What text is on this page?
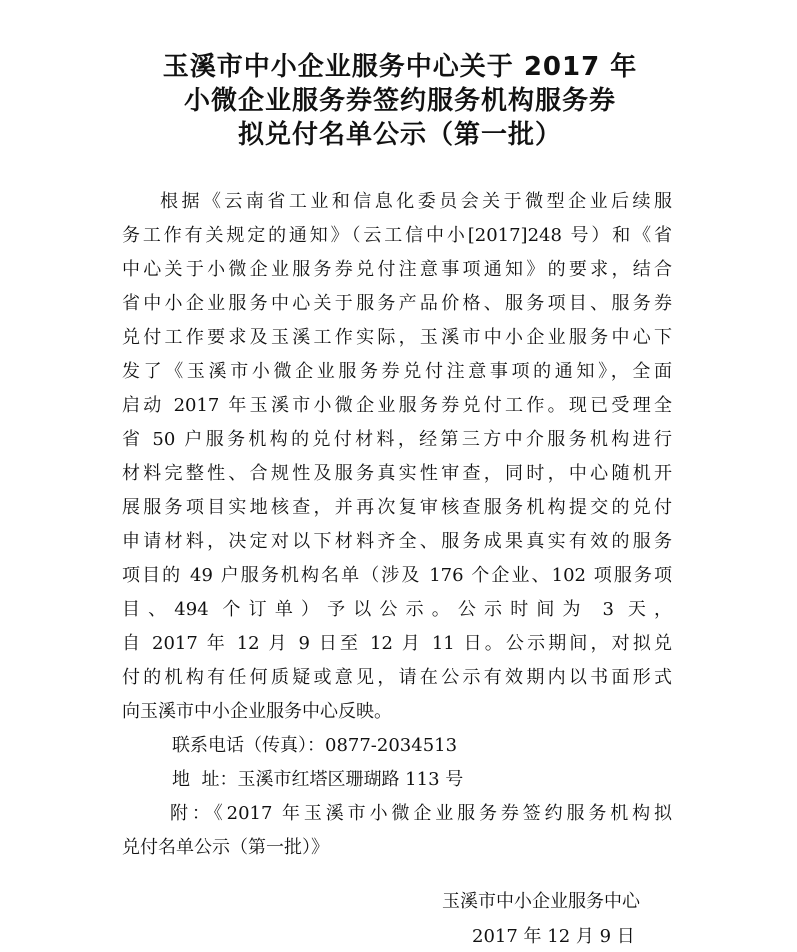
玉溪市中小企业服务中心关于 2017 年
小微企业服务券签约服务机构服务券
拟兑付名单公示（第一批）

根据《云南省工业和信息化委员会关于微型企业后续服

务工作有关规定的通知》（云工信中小[2017]248 号）和《省

中心关于小微企业服务券兑付注意事项通知》的要求，结合

省中小企业服务中心关于服务产品价格、服务项目、服务券

兑付工作要求及玉溪工作实际，玉溪市中小企业服务中心下

发了《玉溪市小微企业服务券兑付注意事项的通知》，全面

启动 2017 年玉溪市小微企业服务券兑付工作。现已受理全

省 50 户服务机构的兑付材料，经第三方中介服务机构进行

材料完整性、合规性及服务真实性审查，同时，中心随机开

展服务项目实地核查，并再次复审核查服务机构提交的兑付

申请材料，决定对以下材料齐全、服务成果真实有效的服务

项目的 49 户服务机构名单（涉及 176 个企业、102 项服务项

目、494 个订单）予以公示。公示时间为 3 天，

自 2017 年 12 月 9 日至 12 月 11 日。公示期间，对拟兑

付的机构有任何质疑或意见，请在公示有效期内以书面形式

向玉溪市中小企业服务中心反映。

联系电话（传真）：0877-2034513

地  址：玉溪市红塔区珊瑚路 113 号

附：《2017 年玉溪市小微企业服务券签约服务机构拟

兑付名单公示（第一批）》

玉溪市中小企业服务中心

2017 年 12 月 9 日
